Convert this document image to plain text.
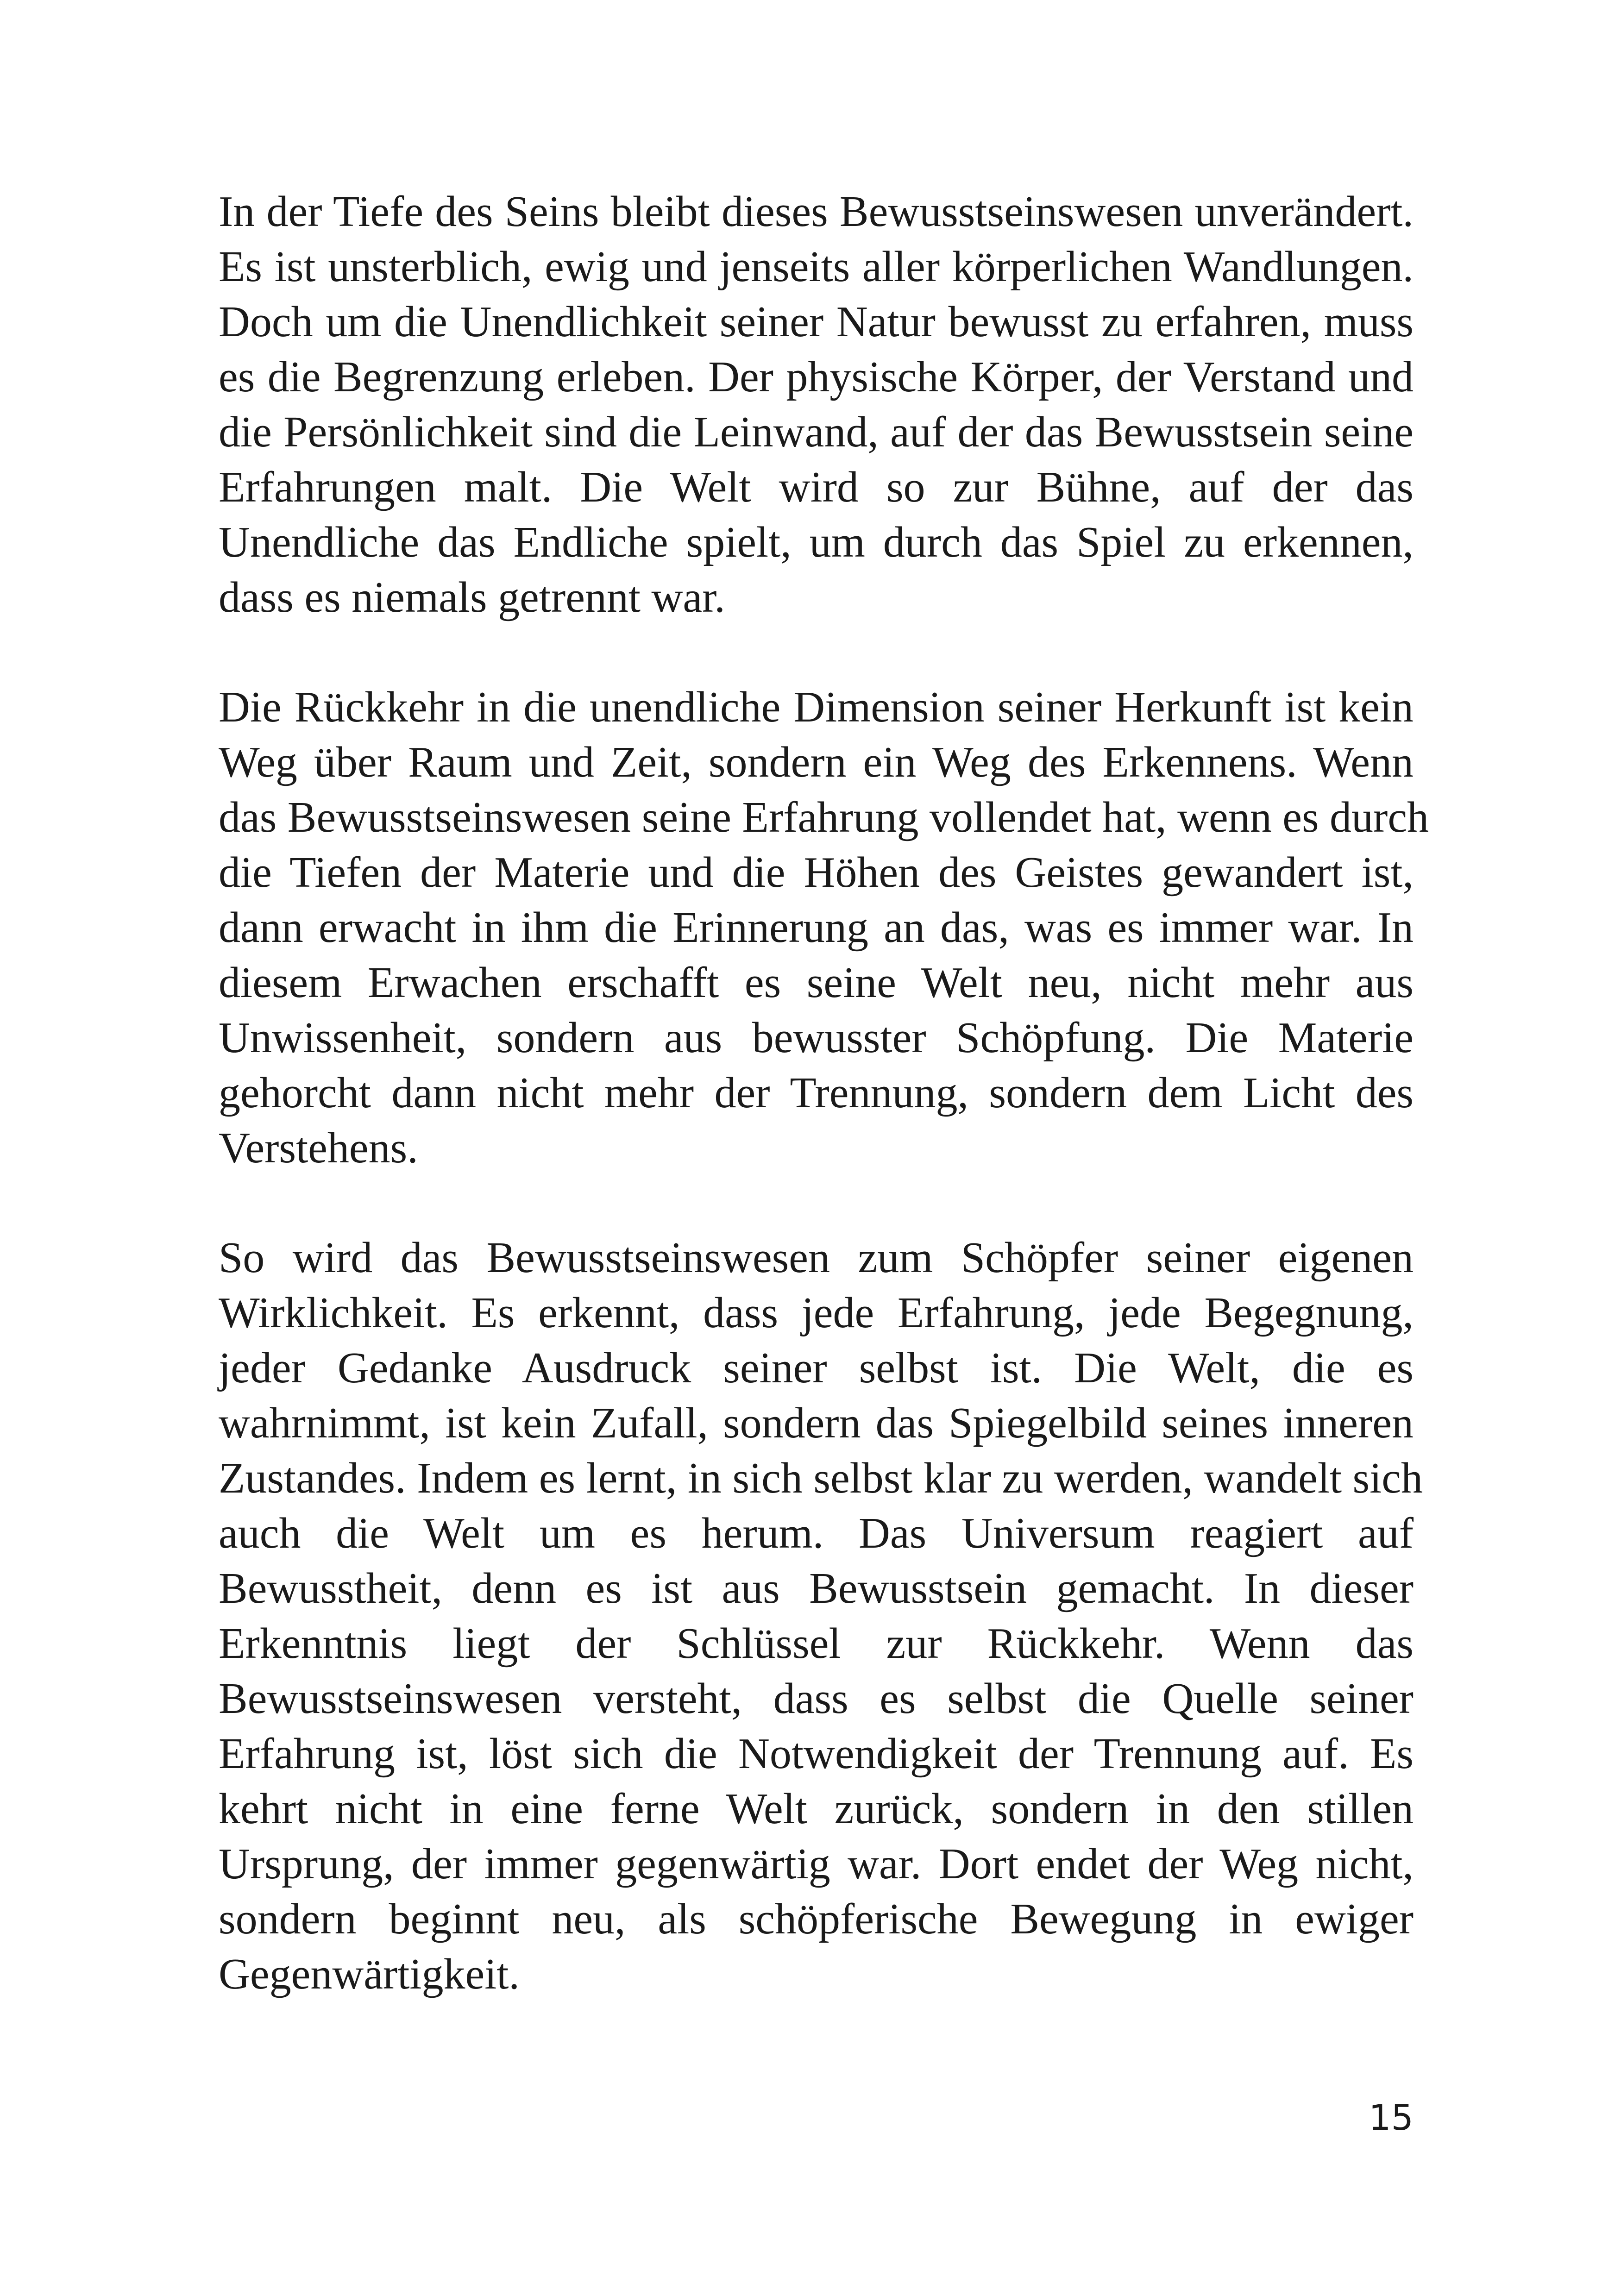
In der Tiefe des Seins bleibt dieses Bewusstseinswesen unverändert.
Es ist unsterblich, ewig und jenseits aller körperlichen Wandlungen.
Doch um die Unendlichkeit seiner Natur bewusst zu erfahren, muss
es die Begrenzung erleben. Der physische Körper, der Verstand und
die Persönlichkeit sind die Leinwand, auf der das Bewusstsein seine
Erfahrungen malt. Die Welt wird so zur Bühne, auf der das
Unendliche das Endliche spielt, um durch das Spiel zu erkennen,
dass es niemals getrennt war.
Die Rückkehr in die unendliche Dimension seiner Herkunft ist kein
Weg über Raum und Zeit, sondern ein Weg des Erkennens. Wenn
das Bewusstseinswesen seine Erfahrung vollendet hat, wenn es durch
die Tiefen der Materie und die Höhen des Geistes gewandert ist,
dann erwacht in ihm die Erinnerung an das, was es immer war. In
diesem Erwachen erschafft es seine Welt neu, nicht mehr aus
Unwissenheit, sondern aus bewusster Schöpfung. Die Materie
gehorcht dann nicht mehr der Trennung, sondern dem Licht des
Verstehens.
So wird das Bewusstseinswesen zum Schöpfer seiner eigenen
Wirklichkeit. Es erkennt, dass jede Erfahrung, jede Begegnung,
jeder Gedanke Ausdruck seiner selbst ist. Die Welt, die es
wahrnimmt, ist kein Zufall, sondern das Spiegelbild seines inneren
Zustandes. Indem es lernt, in sich selbst klar zu werden, wandelt sich
auch die Welt um es herum. Das Universum reagiert auf
Bewusstheit, denn es ist aus Bewusstsein gemacht. In dieser
Erkenntnis liegt der Schlüssel zur Rückkehr. Wenn das
Bewusstseinswesen versteht, dass es selbst die Quelle seiner
Erfahrung ist, löst sich die Notwendigkeit der Trennung auf. Es
kehrt nicht in eine ferne Welt zurück, sondern in den stillen
Ursprung, der immer gegenwärtig war. Dort endet der Weg nicht,
sondern beginnt neu, als schöpferische Bewegung in ewiger
Gegenwärtigkeit.
15
